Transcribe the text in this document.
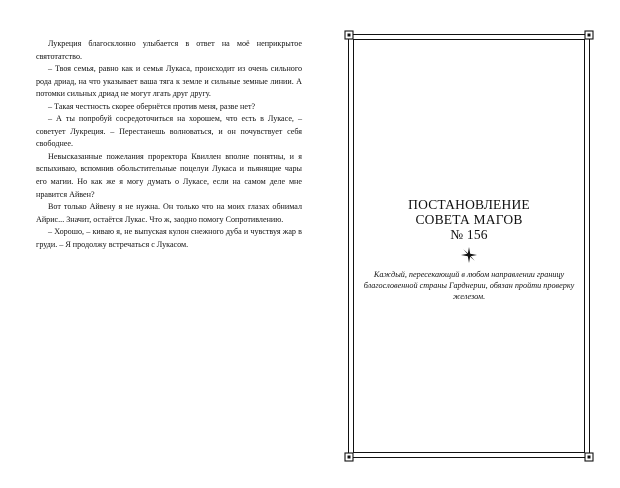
Лукреция благосклонно улыбается в ответ на моё неприкрытое святотатство.

– Твоя семья, равно как и семья Лукаса, происходит из очень сильного рода дриад, на что указывает ваша тяга к земле и сильные земные линии. А потомки сильных дриад не могут лгать друг другу.

– Такая честность скорее обернётся против меня, разве нет?

– А ты попробуй сосредоточиться на хорошем, что есть в Лукасе, – советует Лукреция. – Перестанешь волноваться, и он почувствует себя свободнее.

Невысказанные пожелания проректора Квиллен вполне понятны, и я вспыхиваю, вспомнив обольстительные поцелуи Лукаса и пьянящие чары его магии. Но как же я могу думать о Лукасе, если на самом деле мне нравится Айвен?

Вот только Айвену я не нужна. Он только что на моих глазах обнимал Айрис... Значит, остаётся Лукас. Что ж, заодно помогу Сопротивлению.

– Хорошо, – киваю я, не выпуская кулон снежного дуба и чувствуя жар в груди. – Я продолжу встречаться с Лукасом.

ПОСТАНОВЛЕНИЕ
СОВЕТА МАГОВ
№ 156
Каждый, пересекающий в любом направлении границу благословенной страны Гарднерии, обязан пройти проверку железом.
